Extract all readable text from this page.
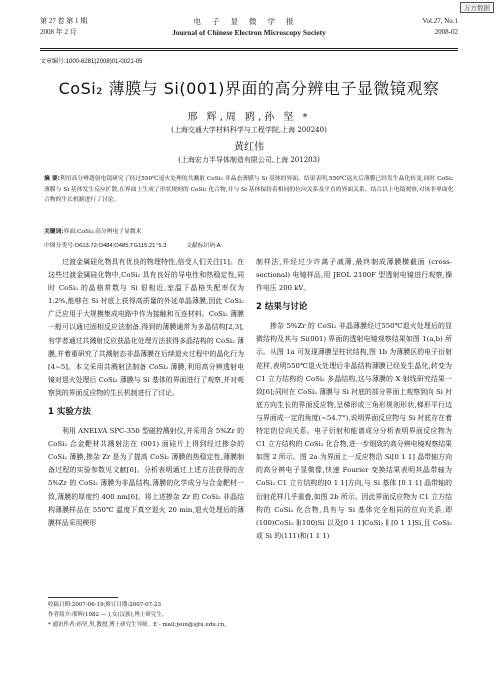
万方数据
第 27 卷 第 1 期
2008 年 2 月
电子显微学报
Journal of Chinese Electron Microscopy Society
Vol.27, No.1
2008-02
文章编号:1000-6281(2008)01-0021-05
CoSi₂ 薄膜与 Si(001)界面的高分辨电子显微镜观察
邢 辉,周 鸥,孙 坚 *
(上海交通大学材料科学与工程学院,上海 200240)
黄红伟
(上海宏力半导体制造有限公司,上海 201203)
摘 要:利用高分辨透射电镜研究了经过550℃退火处理的共溅射 CoSi₂ 非晶态薄膜与 Si 基体的界面。结果表明,550℃退火后薄膜已经发生晶化转变,同时 CoSi₂ 薄膜与 Si 基体发生反应扩散,在界面上生成了形状规则的 CoSi₂ 化合物,并与 Si 基体保持着相同的位向关系及平直的界面关系。结合以上电镜观察,对该非界面化合物的生长机制进行了讨论。
关键词:界面;CoSi₂;高分辨电子显微术
中图分类号:O613.72;O484;O485;TG115.21⁺5.3	文献标识码:A

过渡金属硅化物具有优良的物理特性,倍受人们关注[1]。在这些过渡金属硅化物中,CoSi₂ 具有良好的导电性和热稳定性,同时 CoSi₂ 的晶格常数与 Si 很相近,室温下晶格失配率仅为 1.2%,能够在 Si 衬底上获得高质量的外延单晶薄膜,因此 CoSi₂ 广泛应用于大规模集成电路中作为接触和互连材料。CoSi₂ 薄膜一般可以通过固相反应法制备,得到的薄膜通常为多晶结构[2,3],有学者通过共溅射反应获晶化处理方法获得多晶结构的 CoSi₂ 薄膜,并着重研究了共溅射态非晶薄膜在后续退火过程中的晶化行为[4~5]。本文采用共溅射法制备 CoSi₂ 薄膜,利用高分辨透射电镜对退火处理后 CoSi₂ 薄膜与 Si 基体的界面进行了观察,并对观察到的界面反应物的生长机制进行了讨论。

1 实验方法

利用 ANELVA SPC-350 型磁控溅射仪,并采用含 5%Zr 的 CoSi₂ 合金靶材共溅射法在 (001) 面硅片上得到经过掺杂的 CoSi₂ 薄膜,掺杂 Zr 是为了提高 CoSi₂ 薄膜的热稳定性,薄膜制备过程的实验参数见文献[6]。分析表明通过上述方法获得的含 5%Zr 的 CoSi₂ 薄膜为非晶结构,薄膜的化学成分与合金靶材一致,薄膜的厚度约 400 nm[6]。将上述掺杂 Zr 的 CoSi₂ 非晶结构薄膜样品在 550℃ 温度下真空退火 20 min,退火处理后的薄膜样品采用楔形

制样法,并经过少许离子减薄,最终制成薄膜横截面 (cross-sectional) 电镜样品,用 JEOL 2100F 型透射电镜进行观察,操作电压 200 kV。

2 结果与讨论

掺杂 5%Zr 的 CoSi₂ 非晶薄膜经过550℃退火处理后的显微结构及其与 Si(001) 界面的透射电镜观察结果如图 1(a,b) 所示。从图 1a 可发现薄膜呈柱状结构,图 1b 为薄膜区的电子衍射花样,表明550℃退火处理后非晶结构薄膜已经发生晶化,转变为 C1 立方结构的 CoSi₂ 多晶结构,这与薄膜的 X 射线研究结果一致[6];同时在 CoSi₂ 薄膜与 Si 衬底的部分界面上观察到向 Si 衬底方向生长的界面反应物,呈梯形或三角形规则形状,梯形平行边与界面成一定的角度(~54.7°),说明界面反应物与 Si 衬底存在着特定的位向关系。电子衍射和能谱成分分析表明界面反应物为 C1 立方结构的 CoSi₂ 化合物,进一步细致的高分辨电镜观察结果如图 2 所示。图 2a 为界面上一反应物沿 Si[0 1 1] 晶带轴方向的高分辨电子显微像,快速 Fourier 变换结果表明其晶带轴为 CoSi₂ C1 立方结构的[0 1 1]方向,与 Si 基体 [0 1 1] 晶带轴的衍射花样几乎重叠,如图 2b 所示。因此界面反应物为 C1 立方结构的 CoSi₂ 化合物,具有与 Si 基体完全相同的位向关系,即(100)CoSi₂ ∥(100)Si 以及[0 1 1]CoSi₂ ∥ [0 1 1]Si,且 CoSi₂ 或 Si 的(111)和(1 1 1)

收稿日期:2007-06-19;修订日期:2007-07-23
作者简介:邢辉(1982 — ),女(汉族),博士研究生。
* 通讯作者:孙坚,男,教授,博士研究生导师。E - mail:jsun@sjtu.edu.cn。
